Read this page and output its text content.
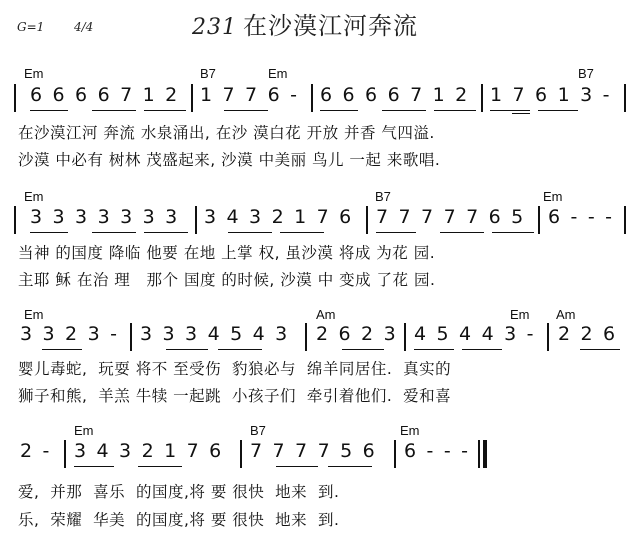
G=1 4/4	231 在沙漠江河奔流
Em	B7	Em	B7
6 6 6 6 7 1 2 1 7 7 6 - 6 6 6 6 7 1 2 1 7 6 1 3 -
在沙漠江河 奔流 水泉涌出, 在沙 漠白花 开放 并香 气四溢.
沙漠 中必有 树林 茂盛起来, 沙漠 中美丽 鸟儿 一起 来歌唱.
Em	B7	Em
3 3 3 3 3 3 3 3 4 3 2 1 7 6 7 7 7 7 7 6 5 6 - - -
当神 的国度 降临 他要 在地 上掌 权, 虽沙漠 将成 为花 园.
主耶 稣 在治 理   那个 国度 的时候, 沙漠 中 变成 了花 园.
Em	Am	Em Am
3 3 2 3 - 3 3 3 4 5 4 3 2 6 2 3 4 5 4 4 3 - 2 2 6
婴儿毒蛇,  玩耍 将不 至受伤  豹狼必与  绵羊同居住.  真实的
狮子和熊,  羊羔 牛犊 一起跳  小孩子们  牵引着他们.  爱和喜
Em	B7	Em
2 - 3 4 3 2 1 7 6 7 7 7 7 5 6 6 - - -
爱,  并那  喜乐  的国度,将 要 很快  地来  到.
乐,  荣耀  华美  的国度,将 要 很快  地来  到.
